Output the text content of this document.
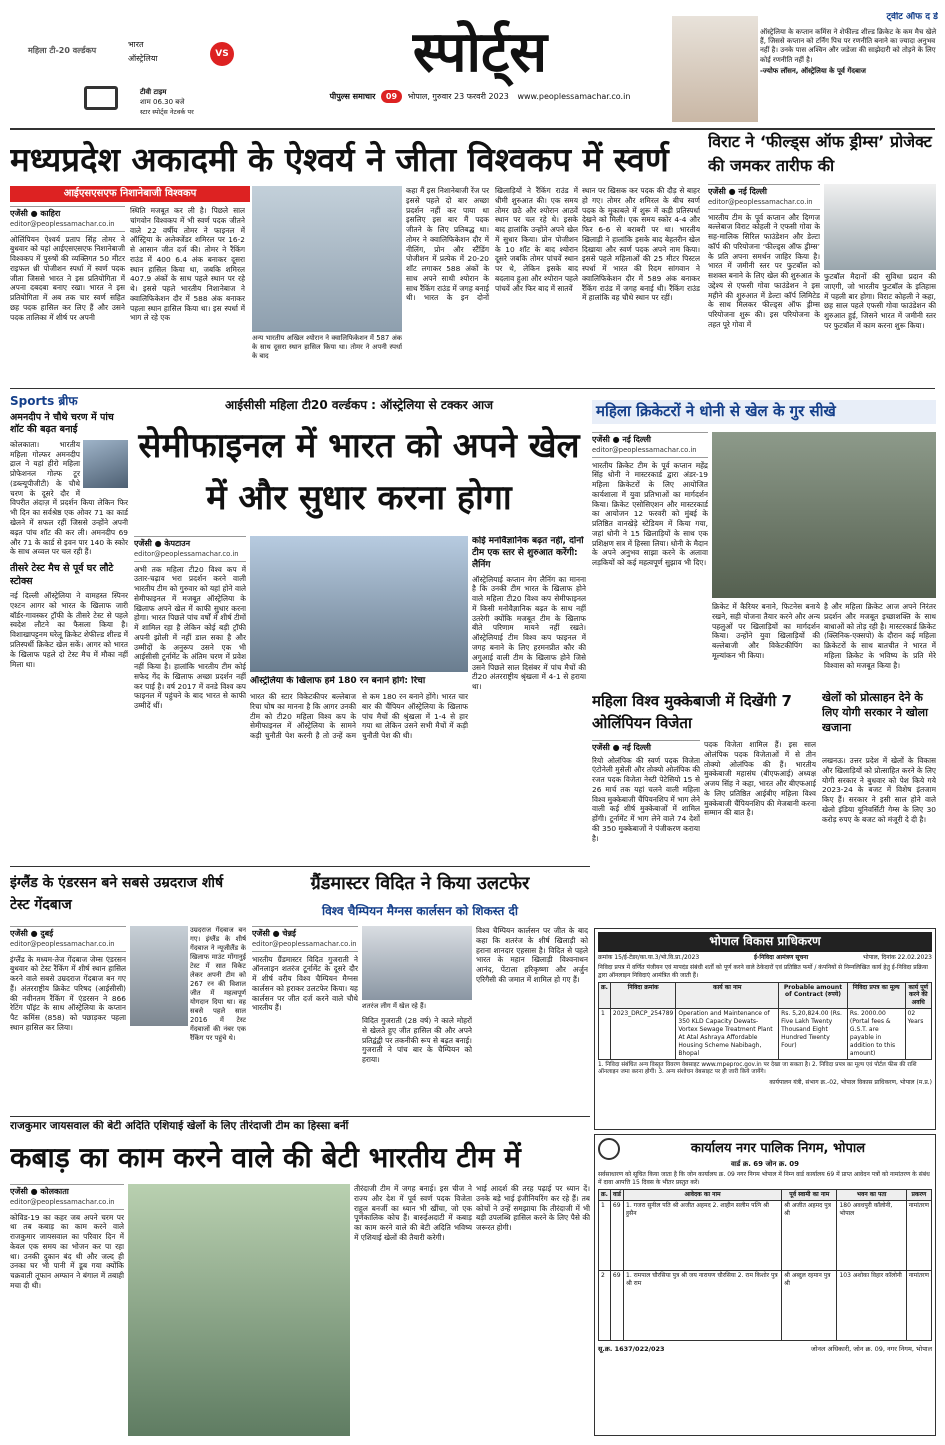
महिला टी-20 वर्ल्डकप
भारत
ऑस्ट्रेलिया	VS
टीवी टाइम
शाम 06.30 बजे
स्टार स्पोर्ट्स नेटवर्क पर
स्पोर्ट्स
पीपुल्स समाचार 09 भोपाल, गुरुवार 23 फरवरी 2023 www.peoplessamachar.co.in
ट्वीट ऑफ द डे
ऑस्ट्रेलिया के कप्तान कमिंस ने शेफील्ड शील्ड क्रिकेट के कम मैच खेले हैं, जिससे कप्तान को टर्निंग पिच पर रणनीति बनाने का ज्यादा अनुभव नहीं है। उनके पास अश्विन और जडेजा की साझेदारी को तोड़ने के लिए कोई रणनीति नहीं है।
-ज्योफ लॉसन, ऑस्ट्रेलिया के पूर्व गेंदबाज
मध्यप्रदेश अकादमी के ऐश्वर्य ने जीता विश्वकप में स्वर्ण
आईएसएसएफ निशानेबाजी विश्वकप
एजेंसी ● काहिरा
editor@peoplessamachar.co.in
ओलिंपियन ऐश्वर्य प्रताप सिंह तोमर ने बुधवार को यहां आईएसएसएफ निशानेबाजी विश्वकप में पुरुषों की व्यक्तिगत 50 मीटर राइफल थ्री पोजीशन स्पर्धा में स्वर्ण पदक जीता जिससे भारत ने इस प्रतियोगिता में अपना दबदबा बनाए रखा। भारत ने इस प्रतियोगिता में अब तक चार स्वर्ण सहित छह पदक हासिल कर लिए हैं और उसने पदक तालिका में शीर्ष पर अपनी
स्थिति मजबूत कर ली है। पिछले साल चांगवोन विश्वकप में भी स्वर्ण पदक जीतने वाले 22 वर्षीय तोमर ने फाइनल में ऑस्ट्रिया के अलेक्जेंडर शमिरल पर 16-2 से आसान जीत दर्ज की। तोमर ने रैंकिंग राउंड में 400 6.4 अंक बनाकर दूसरा स्थान हासिल किया था, जबकि शमिरल 407.9 अंकों के साथ पहले स्थान पर रहे थे। इससे पहले भारतीय निशानेबाज ने क्वालिफिकेशन दौर में 588 अंक बनाकर पहला स्थान हासिल किया था। इस स्पर्धा में भाग ले रहे एक
अन्य भारतीय अखिल श्योरान ने क्वालिफिकेशन में 587 अंक के साथ दूसरा स्थान हासिल किया था। तोमर ने अपनी स्पर्धा के बाद
कहा मैं इस निशानेबाजी रेंज पर इससे पहले दो बार अच्छा प्रदर्शन नहीं कर पाया था इसलिए इस बार मैं पदक जीतने के लिए प्रतिबद्ध था। तोमर ने क्वालिफिकेशन दौर में नीलिंग, प्रोन और स्टैंडिंग पोजीशन में प्रत्येक में 20-20 शॉट लगाकर 588 अंकों के साथ अपने साथी श्योरान के साथ रैंकिंग राउंड में जगह बनाई थी। भारत के इन दोनों खिलाड़ियों ने रैंकिंग राउंड में धीमी शुरुआत की। एक समय तोमर छठे और श्योरान आठवें स्थान पर चल रहे थे। इसके बाद हालांकि उन्होंने अपने खेल में सुधार किया। प्रोन पोजीशन के 10 शॉट के बाद श्योरान दूसरे जबकि तोमर पांचवें स्थान पर थे, लेकिन इसके बाद बदलाव हुआ और श्योरान पहले पांचवें और फिर बाद में सातवें
स्थान पर खिसक कर पदक की दौड़ से बाहर हो गए। तोमर और शमिरल के बीच स्वर्ण पदक के मुकाबले में शुरू में कड़ी प्रतिस्पर्धा देखने को मिली। एक समय स्कोर 4-4 और फिर 6-6 से बराबरी पर था। भारतीय खिलाड़ी ने हालांकि इसके बाद बेहतरीन खेल दिखाया और स्वर्ण पदक अपने नाम किया। इससे पहले महिलाओं की 25 मीटर पिस्टल स्पर्धा में भारत की रिदम सांगवान ने क्वालिफिकेशन दौर में 589 अंक बनाकर रैंकिंग राउंड में जगह बनाई थी। रैंकिंग राउंड में हालांकि वह चौथे स्थान पर रहीं।
विराट ने ‘फील्ड्स ऑफ ड्रीम्स’ प्रोजेक्ट की जमकर तारीफ की
एजेंसी ● नई दिल्ली
editor@peoplessamachar.co.in
भारतीय टीम के पूर्व कप्तान और दिग्गज बल्लेबाज विराट कोहली ने एफसी गोवा के सह-मालिक सिरिल फाउंडेशन और डेल्टा कॉर्प की परियोजना ‘फील्ड्स ऑफ ड्रीम्स’ के प्रति अपना समर्थन जाहिर किया है। भारत में जमीनी स्तर पर फुटबॉल को सशक्त बनाने के लिए खेल की शुरुआत के उद्देश्य से एफसी गोवा फाउंडेशन ने इस महीने की शुरुआत में डेल्टा कॉर्प लिमिटेड के साथ मिलकर फील्ड्स ऑफ ड्रीम्स परियोजना शुरू की। इस परियोजना के तहत पूरे गोवा में
फुटबॉल मैदानों की सुविधा प्रदान की जाएगी, जो भारतीय फुटबॉल के इतिहास में पहली बार होगा। विराट कोहली ने कहा, छह साल पहले एफसी गोवा फाउंडेशन की शुरुआत हुई, जिसने भारत में जमीनी स्तर पर फुटबॉल में काम करना शुरू किया।
Sports ब्रीफ
अमनदीप ने चौथे चरण में पांच शॉट की बढ़त बनाई
कोलकाता। भारतीय महिला गोल्फर अमनदीप द्राल ने यहां हीरो महिला प्रोफेशनल गोल्फ टूर (डब्ल्यूपीजीटी) के चौथे चरण के दूसरे दौर में विपरीत अंदाज़ में प्रदर्शन किया लेकिन फिर भी दिन का सर्वश्रेष्ठ एक ओवर 71 का कार्ड खेलने में सफल रहीं जिससे उन्होंने अपनी बढ़त पांच शॉट की कर ली। अमनदीप 69 और 71 के कार्ड से इवन पार 140 के स्कोर के साथ अव्वल पर चल रही हैं।
तीसरे टेस्ट मैच से पूर्व घर लौटे स्टोक्स
नई दिल्ली ऑस्ट्रेलिया ने वामहस्त स्पिनर एश्टन आगर को भारत के खिलाफ जारी बॉर्डर-गावस्कर ट्रॉफी के तीसरे टेस्ट से पहले स्वदेश लौटने का फैसला किया है। विशाखापट्टनम घरेलू क्रिकेट शेफील्ड शील्ड में प्रतिस्पर्धी क्रिकेट खेल सकें। आगर को भारत के खिलाफ पहले दो टेस्ट मैच में मौका नहीं मिला था।
आईसीसी महिला टी20 वर्ल्डकप : ऑस्ट्रेलिया से टक्कर आज
सेमीफाइनल में भारत को अपने खेल में और सुधार करना होगा
एजेंसी ● केपटाउन
editor@peoplessamachar.co.in
अभी तक महिला टी20 विश्व कप में उतार-चढ़ाव भरा प्रदर्शन करने वाली भारतीय टीम को गुरुवार को यहां होने वाले सेमीफाइनल में मजबूत ऑस्ट्रेलिया के खिलाफ अपने खेल में काफी सुधार करना होगा। भारत पिछले पांच वर्षों में शीर्ष टीमों में शामिल रहा है लेकिन कोई बड़ी ट्रॉफी अपनी झोली में नहीं डाल सका है और उम्मीदों के अनुरूप उसने एक भी आईसीसी टूर्नामेंट के अंतिम चरण में प्रवेश नहीं किया है। हालांकि भारतीय टीम कोई सफेद गेंद के खिलाफ अच्छा प्रदर्शन नहीं कर पाई है। वर्ष 2017 में वनडे विश्व कप फाइनल में पहुंचने के बाद भारत से काफी उम्मीदें थीं।
ऑस्ट्रेलिया के खिलाफ हमें 180 रन बनाने होंगे: रिचा
भारत की स्टार विकेटकीपर बल्लेबाज रिचा घोष का मानना है कि आगर उनकी टीम को टी20 महिला विश्व कप के सेमीफाइनल में ऑस्ट्रेलिया के सामने कड़ी चुनौती पेश करनी है तो उन्हें कम से कम 180 रन बनाने होंगे। भारत चार बार की चैंपियन ऑस्ट्रेलिया के खिलाफ पांच मैचों की श्रृंखला में 1-4 से हार गया था लेकिन उसने सभी मैचों में कड़ी चुनौती पेश की थी।
कोई मनोवैज्ञानिक बढ़त नहीं, दोनों टीम एक स्तर से शुरुआत करेंगी: लैनिंग
ऑस्ट्रेलियाई कप्तान मेग लैनिंग का मानना है कि उनकी टीम भारत के खिलाफ होने वाले महिला टी20 विश्व कप सेमीफाइनल में किसी मनोवैज्ञानिक बढ़त के साथ नहीं उतरेगी क्योंकि मजबूत टीम के खिलाफ बीते परिणाम मायने नहीं रखते। ऑस्ट्रेलियाई टीम विश्व कप फाइनल में जगह बनाने के लिए हरमनप्रीत कौर की अगुआई वाली टीम के खिलाफ होने जिसे उसने पिछले साल दिसंबर में पांच मैचों की टी20 अंतरराष्ट्रीय श्रृंखला में 4-1 से हराया था।
महिला क्रिकेटरों ने धोनी से खेल के गुर सीखे
एजेंसी ● नई दिल्ली
editor@peoplessamachar.co.in
भारतीय क्रिकेट टीम के पूर्व कप्तान महेंद्र सिंह धोनी ने मास्टरकार्ड द्वारा अंडर-19 महिला क्रिकेटरों के लिए आयोजित कार्यशाला में युवा प्रतिभाओं का मार्गदर्शन किया। क्रिकेट एसोसिएशन और मास्टरकार्ड का आयोजन 12 फरवरी को मुंबई के प्रतिष्ठित वानखेड़े स्टेडियम में किया गया, जहां धोनी ने 15 खिलाड़ियों के साथ एक प्रशिक्षण सत्र में हिस्सा लिया। धोनी के मैदान के अपने अनुभव साझा करने के अलावा लड़कियों को कई महत्वपूर्ण सुझाव भी दिए।
क्रिकेट में कैरियर बनाने, फिटनेस बनाये रखने, सही योजना तैयार करने और अन्य पहलुओं पर खिलाड़ियों का मार्गदर्शन किया। उन्होंने युवा खिलाड़ियों की बल्लेबाजी और विकेटकीपिंग का मूल्यांकन भी किया।
है और महिला क्रिकेट आज अपने निरंतर प्रदर्शन और मजबूत इच्छाशक्ति के साथ बाधाओं को तोड़ रही है। मास्टरकार्ड क्रिकेट (क्लिनिक-एक्सपो) के दौरान कई महिला क्रिकेटरों के साथ बातचीत ने भारत में महिला क्रिकेट के भविष्य के प्रति मेरे विश्वास को मजबूत किया है।
महिला विश्व मुक्केबाजी में दिखेंगी 7 ओलिंपियन विजेता
एजेंसी ● नई दिल्ली
रियो ओलंपिक की स्वर्ण पदक विजेता एंटोनेली मुसेली और तोक्यो ओलंपिक की रजत पदक विजेता नेस्टी पेटेसियो 15 से 26 मार्च तक यहां चलने वाली महिला विश्व मुक्केबाजी चैंपियनशिप में भाग लेने वाली कई शीर्ष मुक्केबाजों में शामिल होंगी। टूर्नामेंट में भाग लेने वाले 74 देशों की 350 मुक्केबाजों ने पंजीकरण कराया है।
पदक विजेता शामिल हैं। इस साल ओलंपिक पदक विजेताओं में से तीन तोक्यो ओलंपिक की हैं। भारतीय मुक्केबाजी महासंघ (बीएफआई) अध्यक्ष अजय सिंह ने कहा, भारत और बीएफआई के लिए प्रतिष्ठित आईबीए महिला विश्व मुक्केबाजी चैंपियनशिप की मेजबानी करना सम्मान की बात है।
खेलों को प्रोत्साहन देने के लिए योगी सरकार ने खोला खजाना
लखनऊ। उत्तर प्रदेश में खेलों के विकास और खिलाड़ियों को प्रोत्साहित करने के लिए योगी सरकार ने बुधवार को पेश किये गये 2023-24 के बजट में विशेष इंतजाम किए हैं। सरकार ने इसी साल होने वाले खेलो इंडिया यूनिवर्सिटी गेम्स के लिए 30 करोड़ रुपए के बजट को मंजूरी दे दी है।
इंग्लैंड के एंडरसन बने सबसे उम्रदराज शीर्ष टेस्ट गेंदबाज
एजेंसी ● दुबई
editor@peoplessamachar.co.in
इंग्लैंड के मध्यम-तेज गेंदबाज जेम्स एंडरसन बुधवार को टेस्ट रैंकिंग में शीर्ष स्थान हासिल करने वाले सबसे उम्रदराज गेंदबाज बन गए हैं। अंतरराष्ट्रीय क्रिकेट परिषद (आईसीसी) की नवीनतम रैंकिंग में एंडरसन ने 866 रेटिंग पॉइंट के साथ ऑस्ट्रेलिया के कप्तान पैट कमिंस (858) को पछाड़कर पहला स्थान हासिल कर लिया।
उम्रदराज गेंदबाज बन गए। इंग्लैंड के शीर्ष गेंदबाज ने न्यूजीलैंड के खिलाफ माउंट मोंगानुई टेस्ट में सात विकेट लेकर अपनी टीम को 267 रन की विशाल जीत में महत्वपूर्ण योगदान दिया था। वह सबसे पहले साल 2016 में टेस्ट गेंदबाजों की नंबर एक रैंकिंग पर पहुंचे थे।
ग्रैंडमास्टर विदित ने किया उलटफेर
विश्व चैम्पियन मैग्नस कार्लसन को शिकस्त दी
एजेंसी ● चेन्नई
editor@peoplessamachar.co.in
भारतीय ग्रैंडमास्टर विदित गुजराती ने ऑनलाइन शतरंज टूर्नामेंट के दूसरे दौर में शीर्ष वरीय विश्व चैम्पियन मैग्नस कार्लसन को हराकर उलटफेर किया। यह कार्लसन पर जीत दर्ज करने वाले चौथे भारतीय हैं।	शतरंज लीग में खेल रहे हैं।
विदित गुजराती (28 वर्ष) ने काले मोहरों से खेलते हुए जीत हासिल की और अपने प्रतिद्वंद्वी पर तकनीकी रूप से बढ़त बनाई। गुजराती ने पांच बार के चैम्पियन को हराया।
विश्व चैम्पियन कार्लसन पर जीत के बाद कहा कि शतरंज के शीर्ष खिलाड़ी को हराना शानदार एहसास है। विदित से पहले भारत के महान खिलाड़ी विश्वनाथन आनंद, पेंटाला हरिकृष्णा और अर्जुन एरिगैसी की जमात में शामिल हो गए हैं।
राजकुमार जायसवाल की बेटी अदिति एशियाई खेलों के लिए तीरंदाजी टीम का हिस्सा बनीं
कबाड़ का काम करने वाले की बेटी भारतीय टीम में
एजेंसी ● कोलकाता
editor@peoplessamachar.co.in
कोविड-19 का कहर जब अपने चरम पर था तब कबाड़ का काम करने वाले राजकुमार जायसवाल का परिवार दिन में केवल एक समय का भोजन कर पा रहा था। उनकी दुकान बंद थी और जल्द ही उनका घर भी पानी में डूब गया क्योंकि चक्रवाती तूफान अम्फान ने बंगाल में तबाही मचा दी थी।
तीरंदाजी टीम में जगह बनाई। इस चीज ने राज्य और देश में पूर्व स्वर्ण पदक विजेता राहुल बनर्जी का ध्यान भी खींचा, जो एक पूर्णकालिक कोच हैं। बारुईअदाटी में कबाड़ का काम करने वाले की बेटी अदिति भविष्य में एशियाई खेलों की तैयारी करेगी।
भाई आदर्श की तरह पढ़ाई पर ध्यान दें। उनके बड़े भाई इंजीनियरिंग कर रहे हैं। तब कोचों ने उन्हें समझाया कि तीरंदाजी में भी बड़ी उपलब्धि हासिल करने के लिए पैसे की जरूरत होगी।
भोपाल विकास प्राधिकरण
क्रमांक 15/ई-टेंडर/का.या.3/भो.वि.प्रा./2023	ई-निविदा आमंत्रण सूचना	भोपाल, दिनांक 22.02.2023
निविदा प्रपत्र में वर्णित पंजीयन एवं मापदंड संबंधी शर्तों को पूर्ण करने वाले ठेकेदारों एवं प्रतिष्ठित फर्मो / कंपनियों से निम्नलिखित कार्य हेतु ई-निविदा प्रक्रिया द्वारा ऑनलाइन निविदाएं आमंत्रित की जाती हैं।
क्र.	निविदा क्रमांक	कार्य का नाम	Probable amount of Contract (रुपये)	निविदा प्रपत्र का मूल्य	कार्य पूर्ण करने की अवधि
1	2023_DRCP_254789	Operation and Maintenance of 350 KLD Capacity Dewats-Vortex Sewage Treatment Plant At Atal Ashraya Affordable Housing Scheme Nabibagh, Bhopal	Rs. 5,20,824.00 (Rs. Five Lakh Twenty Thousand Eight Hundred Twenty Four)	Rs. 2000.00 (Portal fees & G.S.T. are payable in addition to this amount)	02 Years
1. निविदा संबंधित अन्य विस्तृत विवरण वेबसाइट www.mpeproc.gov.in पर देखा जा सकता है। 2. निविदा प्रपत्र का मूल्य एवं पोर्टल फीस की राशि ऑनलाइन जमा करना होगी। 3. अन्य संशोधन वेबसाइट पर ही जारी किये जायेंगे।
कार्यपालन यंत्री, संभाग क्र.-02, भोपाल विकास प्राधिकरण, भोपाल (म.प्र.)
कार्यालय नगर पालिक निगम, भोपाल
वार्ड क्र. 69 जोन क्र. 09
सर्वसाधारण को सूचित किया जाता है कि जोन कार्यालय क्र. 09 नगर निगम भोपाल में निम्न वार्ड कार्यालय 69 में प्राप्त आवेदन पत्रों को नामांतरण के संबंध में दावा आपत्ति 15 दिवस के भीतर प्रस्तुत करें।
क्र.	वार्ड	आवेदक का नाम	पूर्व स्वामी का नाम	भवन का पता	प्रकरण
1	69	1. गजरा सुनील पति श्री अजीत अहमद 2. शाहीन सलीम पत्नि श्री हुसैन	श्री अजीत अहमद पुत्र श्री	180 अवधपुरी कॉलोनी, भोपाल	नामांतरण
2	69	1. रामपाल चौरसिया पुत्र श्री जय नारायण चौरसिया 2. राम किशोर पुत्र श्री राम	श्री अब्दुल रहमान पुत्र श्री	103 अशोका विहार कॉलोनी	नामांतरण
सू.क्र. 1637/022/023	जोनल अधिकारी, जोन क्र. 09, नगर निगम, भोपाल
